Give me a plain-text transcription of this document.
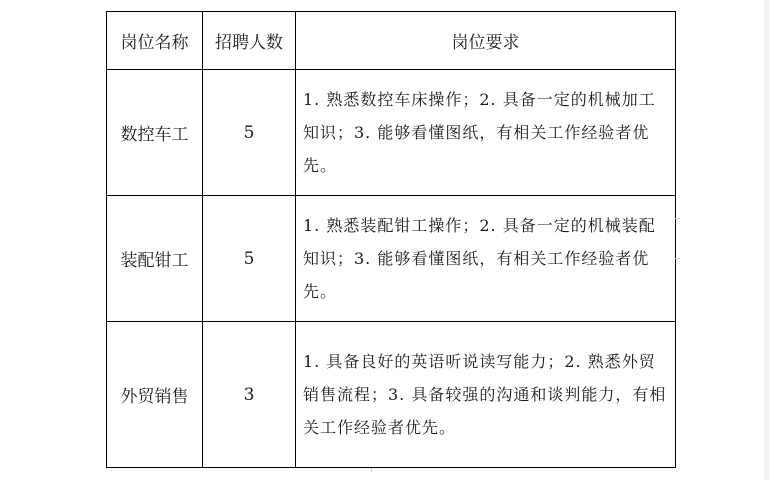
岗位名称	招聘人数	岗位要求
数控车工	5	1. 熟悉数控车床操作；2. 具备一定的机械加工知识；3. 能够看懂图纸，有相关工作经验者优先。
装配钳工	5	1. 熟悉装配钳工操作；2. 具备一定的机械装配知识；3. 能够看懂图纸，有相关工作经验者优先。
外贸销售	3	1. 具备良好的英语听说读写能力；2. 熟悉外贸销售流程；3. 具备较强的沟通和谈判能力，有相关工作经验者优先。
